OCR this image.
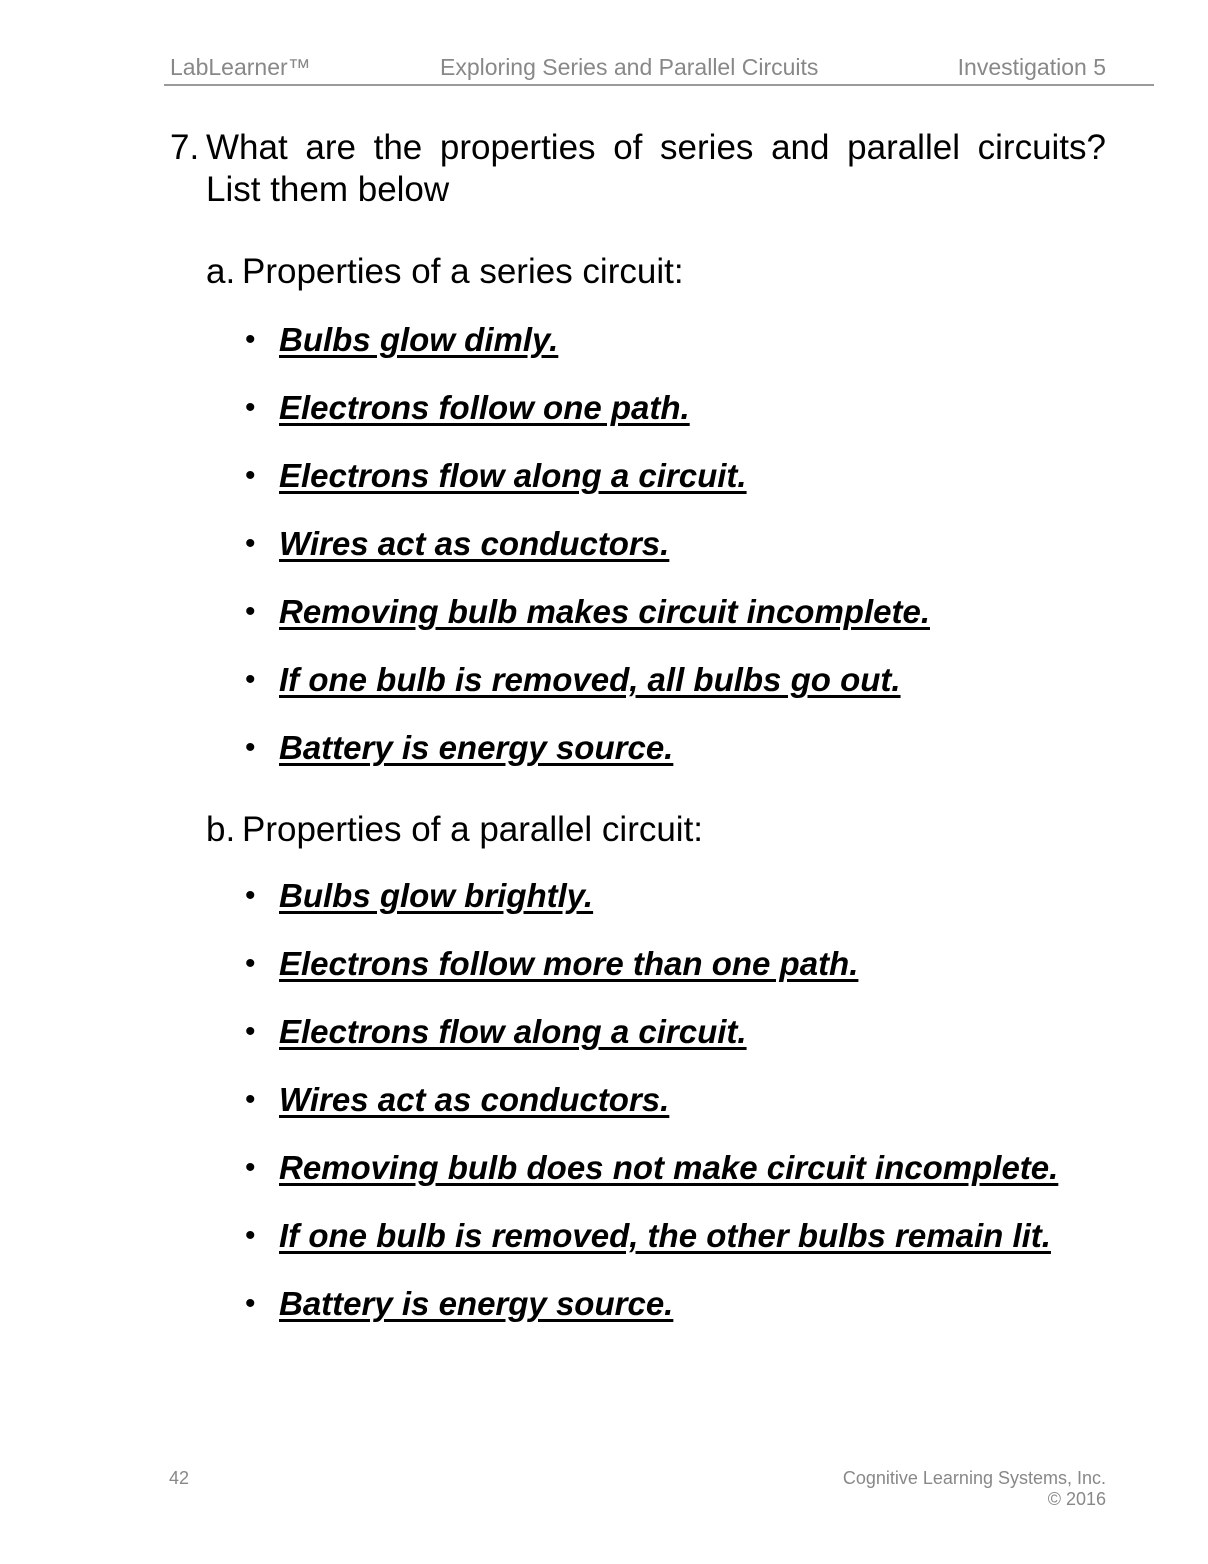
LabLearner™	Exploring Series and Parallel Circuits	Investigation 5
7. What are the properties of series and parallel circuits? List them below
a. Properties of a series circuit:
• Bulbs glow dimly.
• Electrons follow one path.
• Electrons flow along a circuit.
• Wires act as conductors.
• Removing bulb makes circuit incomplete.
• If one bulb is removed, all bulbs go out.
• Battery is energy source.
b. Properties of a parallel circuit:
• Bulbs glow brightly.
• Electrons follow more than one path.
• Electrons flow along a circuit.
• Wires act as conductors.
• Removing bulb does not make circuit incomplete.
• If one bulb is removed, the other bulbs remain lit.
• Battery is energy source.
42	Cognitive Learning Systems, Inc.
© 2016
